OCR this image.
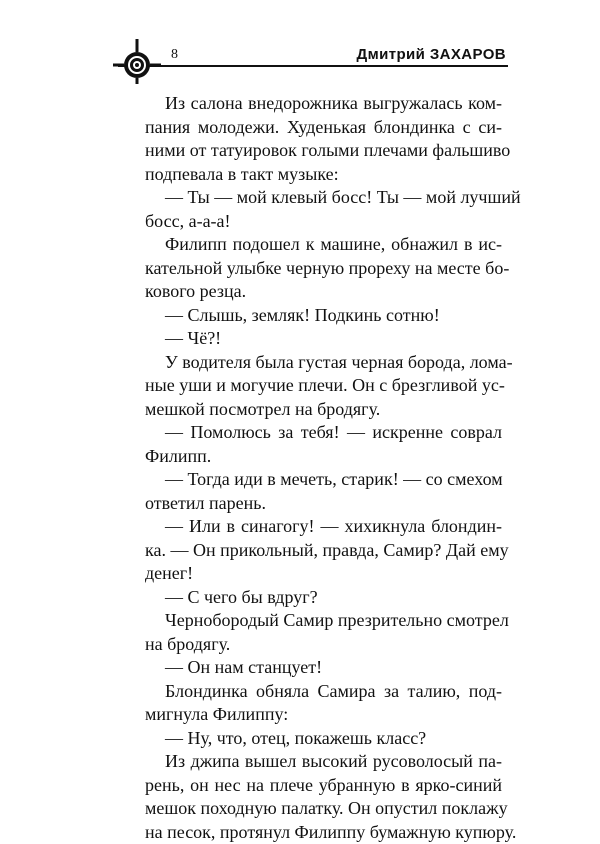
8	Дмитрий ЗАХАРОВ
Из салона внедорожника выгружалась ком-
пания молодежи. Худенькая блондинка с си-
ними от татуировок голыми плечами фальшиво
подпевала в такт музыке:
— Ты — мой клевый босс! Ты — мой лучший
босс, а-а-а!
Филипп подошел к машине, обнажил в ис-
кательной улыбке черную прореху на месте бо-
кового резца.
— Слышь, земляк! Подкинь сотню!
— Чё?!
У водителя была густая черная борода, лома-
ные уши и могучие плечи. Он с брезгливой ус-
мешкой посмотрел на бродягу.
— Помолюсь за тебя! — искренне соврал
Филипп.
— Тогда иди в мечеть, старик! — со смехом
ответил парень.
— Или в синагогу! — хихикнула блондин-
ка. — Он прикольный, правда, Самир? Дай ему
денег!
— С чего бы вдруг?
Чернобородый Самир презрительно смотрел
на бродягу.
— Он нам станцует!
Блондинка обняла Самира за талию, под-
мигнула Филиппу:
— Ну, что, отец, покажешь класс?
Из джипа вышел высокий русоволосый па-
рень, он нес на плече убранную в ярко-синий
мешок походную палатку. Он опустил поклажу
на песок, протянул Филиппу бумажную купюру.
